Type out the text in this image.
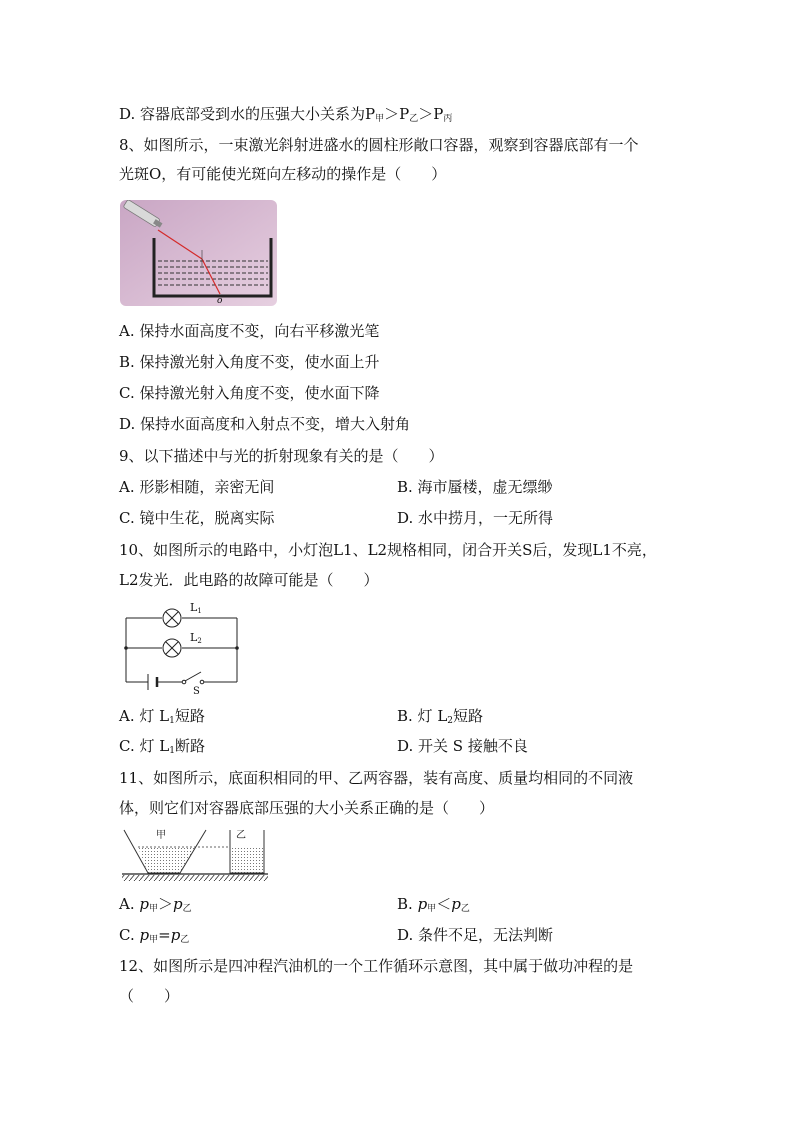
D. 容器底部受到水的压强大小关系为$P_甲>P_乙>P_丙$
8、如图所示，一束激光斜射进盛水的圆柱形敞口容器，观察到容器底部有一个
光斑O，有可能使光斑向左移动的操作是（　　）
o
A. 保持水面高度不变，向右平移激光笔
B. 保持激光射入角度不变，使水面上升
C. 保持激光射入角度不变，使水面下降
D. 保持水面高度和入射点不变，增大入射角
9、以下描述中与光的折射现象有关的是（　　）
A. 形影相随，亲密无间	B. 海市蜃楼，虚无缥缈
C. 镜中生花，脱离实际	D. 水中捞月，一无所得
10、如图所示的电路中，小灯泡L1、L2规格相同，闭合开关S后，发现L1不亮，
L2发光．此电路的故障可能是（　　）
L1
L2
S
A. 灯 $L_1$短路	B. 灯 $L_2$短路
C. 灯 $L_1$断路	D. 开关 S 接触不良
11、如图所示，底面积相同的甲、乙两容器，装有高度、质量均相同的不同液
体，则它们对容器底部压强的大小关系正确的是（　　）
甲	乙
A. $p_甲>p_乙$	B. $p_甲<p_乙$
C. $p_甲=p_乙$	D. 条件不足，无法判断
12、如图所示是四冲程汽油机的一个工作循环示意图，其中属于做功冲程的是
（　　）
